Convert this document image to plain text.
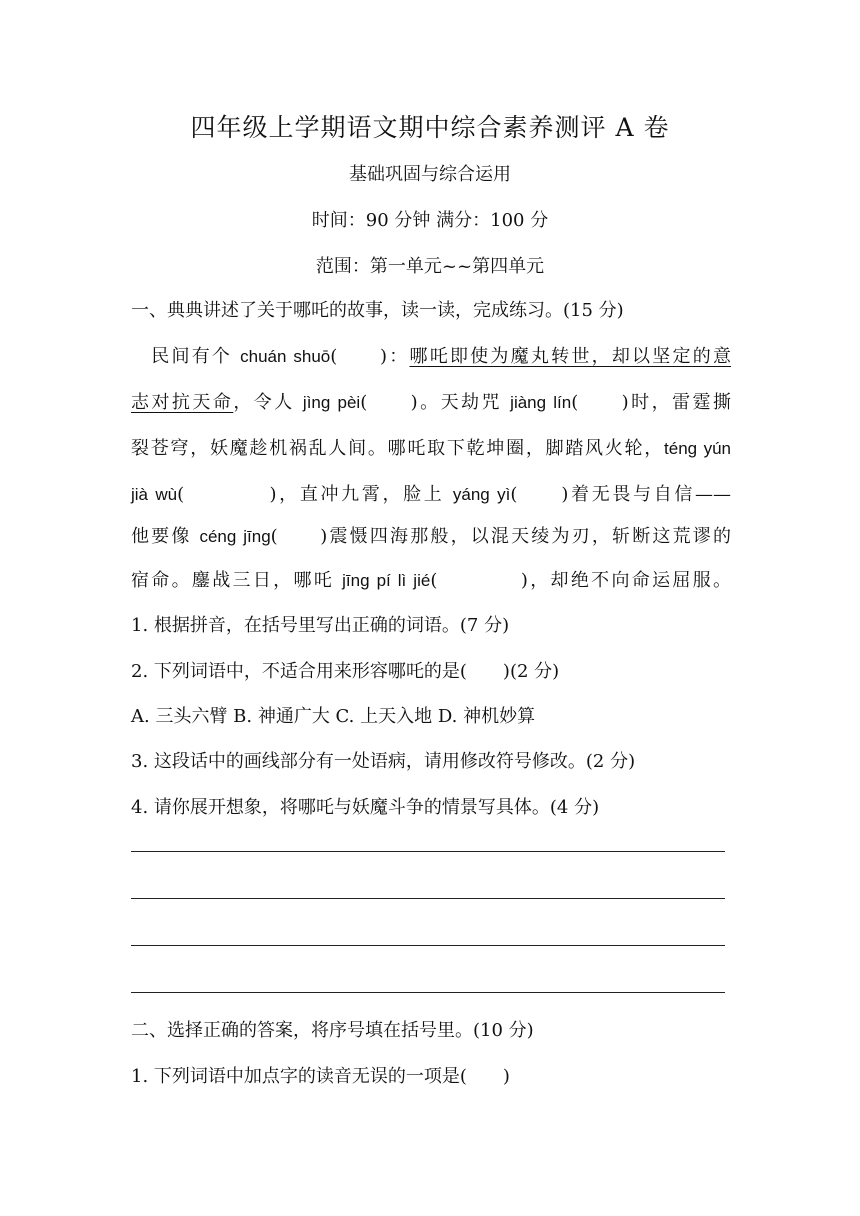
四年级上学期语文期中综合素养测评 A 卷
基础巩固与综合运用
时间：90 分钟 满分：100 分
范围：第一单元~~第四单元
一、典典讲述了关于哪吒的故事，读一读，完成练习。(15 分)
民间有个 chuán shuō(　　)：哪吒即使为魔丸转世，却以坚定的意
志对抗天命，令人 jìnɡ pèi(　　)。天劫咒 jiànɡ lín(　　)时，雷霆撕
裂苍穹，妖魔趁机祸乱人间。哪吒取下乾坤圈，脚踏风火轮，ténɡ yún
jià wù(　　　　)，直冲九霄，脸上 yánɡ yì(　　)着无畏与自信——
他要像 cénɡ jīnɡ(　　)震慑四海那般，以混天绫为刃，斩断这荒谬的
宿命。鏖战三日，哪吒 jīnɡ pí lì jié(　　　　)，却绝不向命运屈服。
1. 根据拼音，在括号里写出正确的词语。(7 分)
2. 下列词语中，不适合用来形容哪吒的是(　　)(2 分)
A. 三头六臂 B. 神通广大 C. 上天入地 D. 神机妙算
3. 这段话中的画线部分有一处语病，请用修改符号修改。(2 分)
4. 请你展开想象，将哪吒与妖魔斗争的情景写具体。(4 分)
二、选择正确的答案，将序号填在括号里。(10 分)
1. 下列词语中加点字的读音无误的一项是(　　)
